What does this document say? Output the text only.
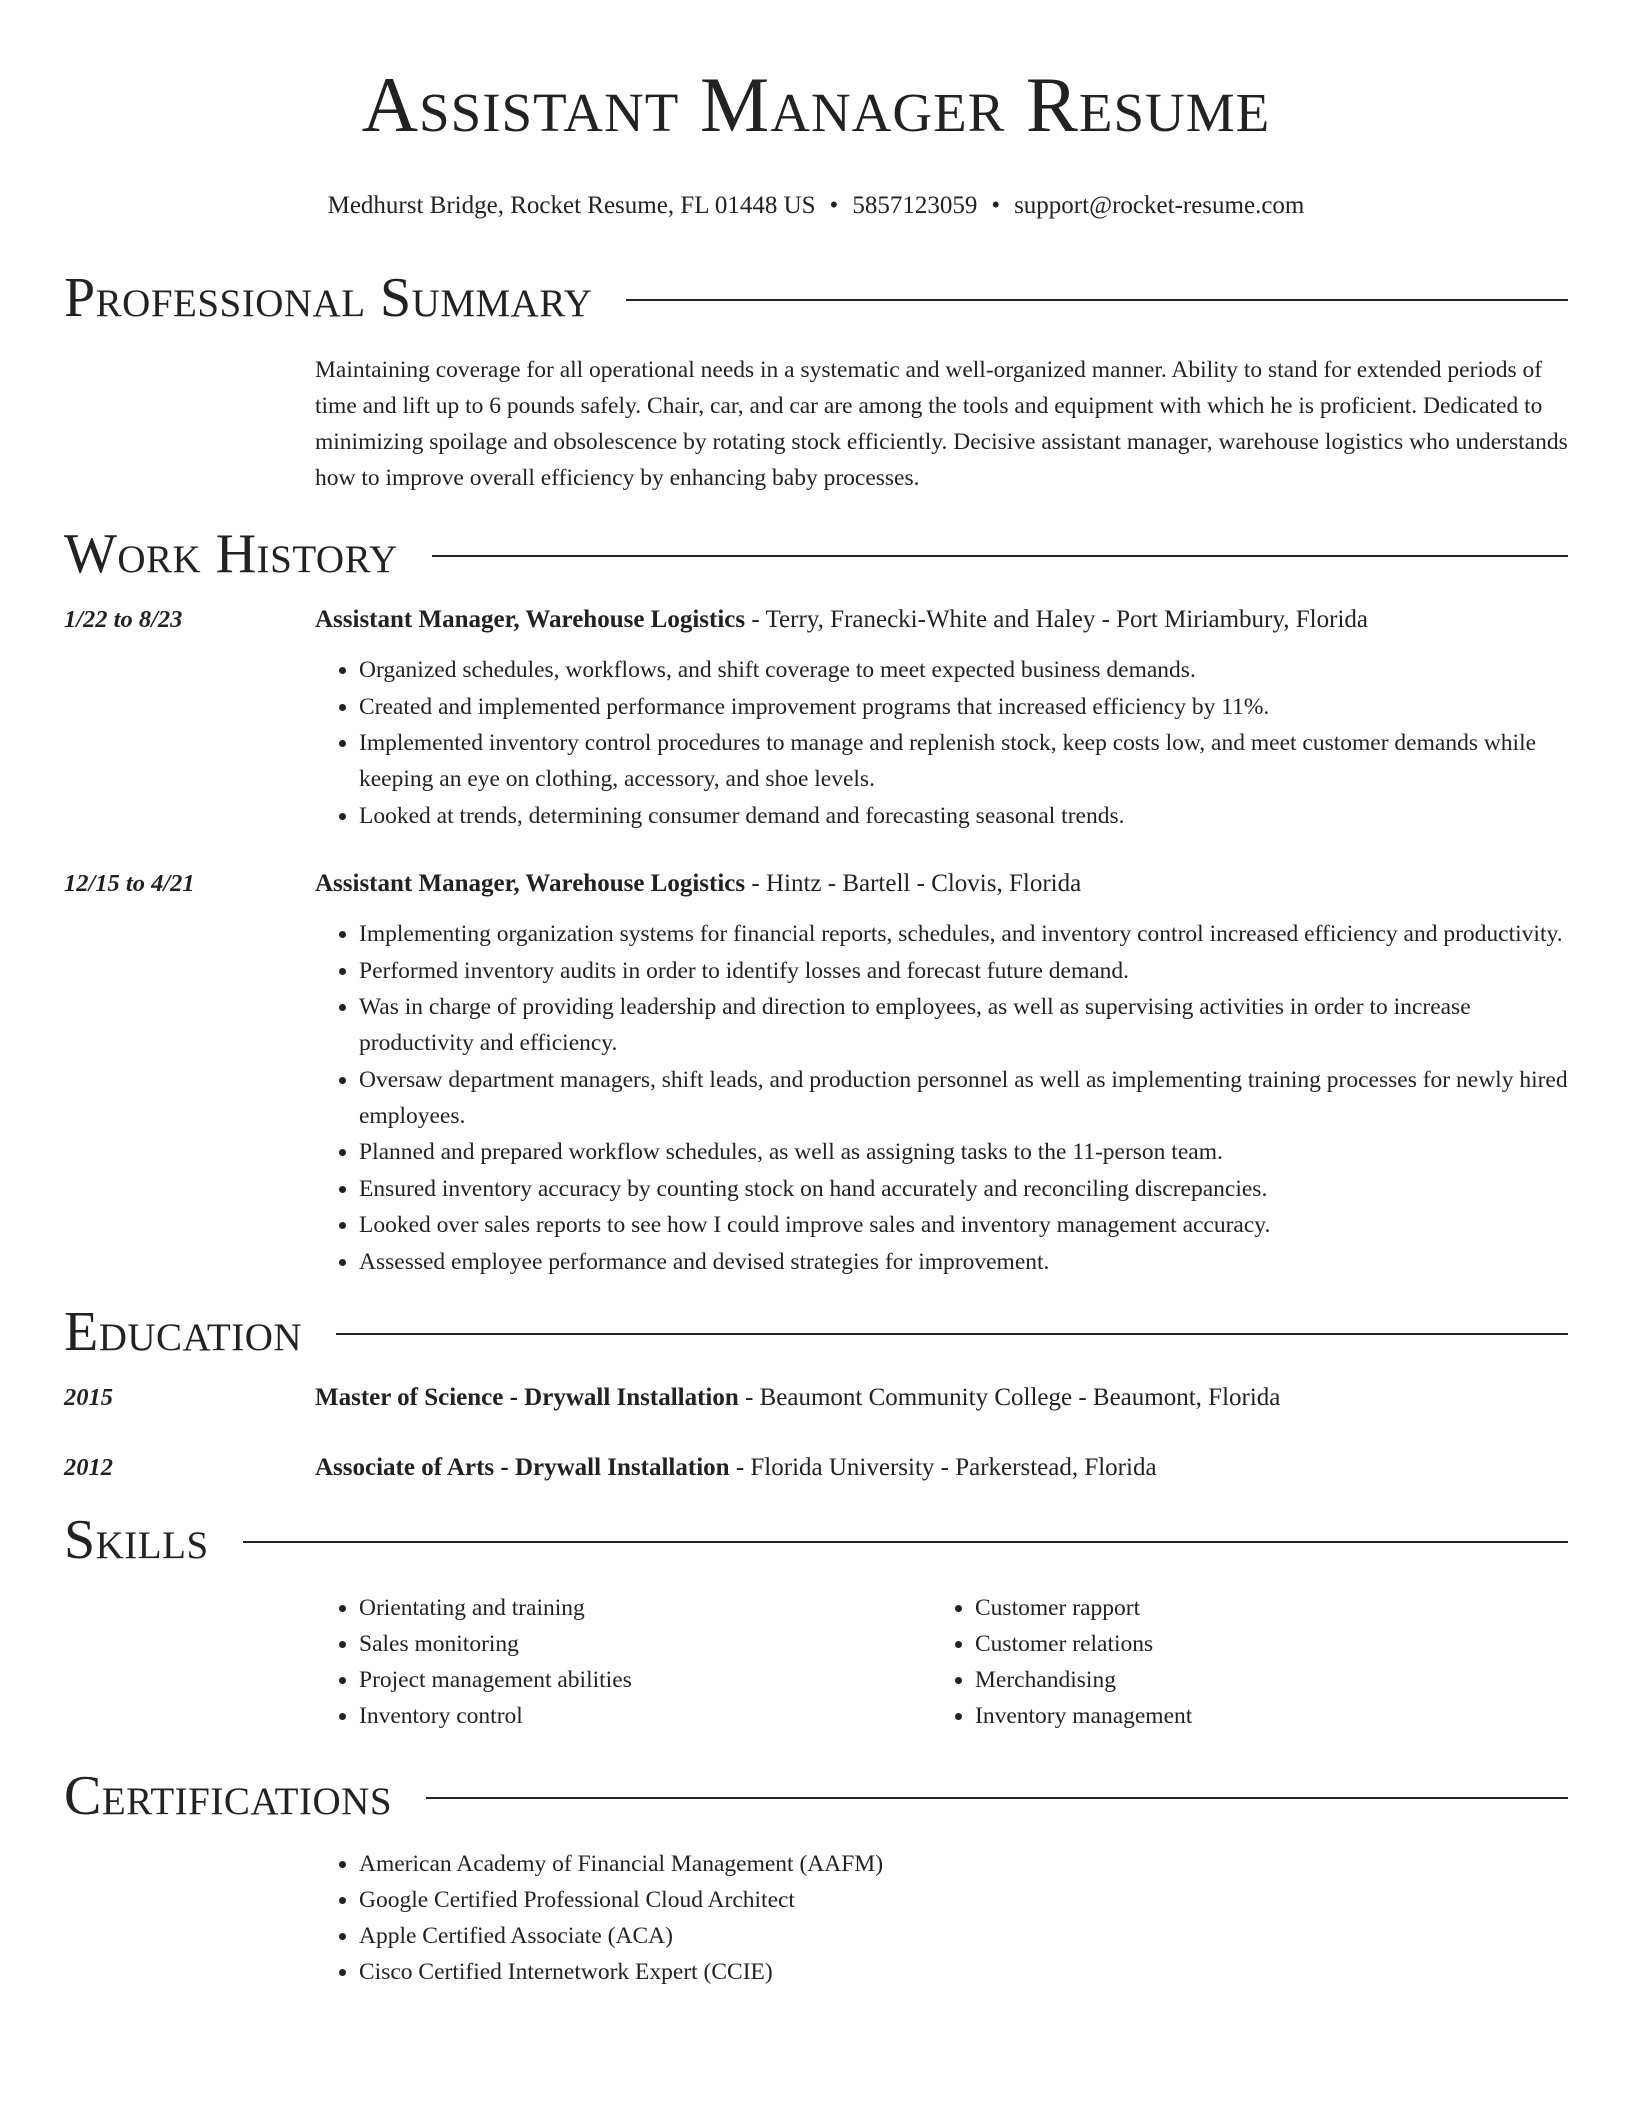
Assistant Manager Resume
Medhurst Bridge, Rocket Resume, FL 01448 US • 5857123059 • support@rocket-resume.com
Professional Summary
Maintaining coverage for all operational needs in a systematic and well-organized manner. Ability to stand for extended periods of time and lift up to 6 pounds safely. Chair, car, and car are among the tools and equipment with which he is proficient. Dedicated to minimizing spoilage and obsolescence by rotating stock efficiently. Decisive assistant manager, warehouse logistics who understands how to improve overall efficiency by enhancing baby processes.
Work History
1/22 to 8/23	Assistant Manager, Warehouse Logistics - Terry, Franecki-White and Haley - Port Miriambury, Florida
• Organized schedules, workflows, and shift coverage to meet expected business demands.
• Created and implemented performance improvement programs that increased efficiency by 11%.
• Implemented inventory control procedures to manage and replenish stock, keep costs low, and meet customer demands while keeping an eye on clothing, accessory, and shoe levels.
• Looked at trends, determining consumer demand and forecasting seasonal trends.
12/15 to 4/21	Assistant Manager, Warehouse Logistics - Hintz - Bartell - Clovis, Florida
• Implementing organization systems for financial reports, schedules, and inventory control increased efficiency and productivity.
• Performed inventory audits in order to identify losses and forecast future demand.
• Was in charge of providing leadership and direction to employees, as well as supervising activities in order to increase productivity and efficiency.
• Oversaw department managers, shift leads, and production personnel as well as implementing training processes for newly hired employees.
• Planned and prepared workflow schedules, as well as assigning tasks to the 11-person team.
• Ensured inventory accuracy by counting stock on hand accurately and reconciling discrepancies.
• Looked over sales reports to see how I could improve sales and inventory management accuracy.
• Assessed employee performance and devised strategies for improvement.
Education
2015	Master of Science - Drywall Installation - Beaumont Community College - Beaumont, Florida
2012	Associate of Arts - Drywall Installation - Florida University - Parkerstead, Florida
Skills
• Orientating and training
• Sales monitoring
• Project management abilities
• Inventory control
• Customer rapport
• Customer relations
• Merchandising
• Inventory management
Certifications
• American Academy of Financial Management (AAFM)
• Google Certified Professional Cloud Architect
• Apple Certified Associate (ACA)
• Cisco Certified Internetwork Expert (CCIE)
